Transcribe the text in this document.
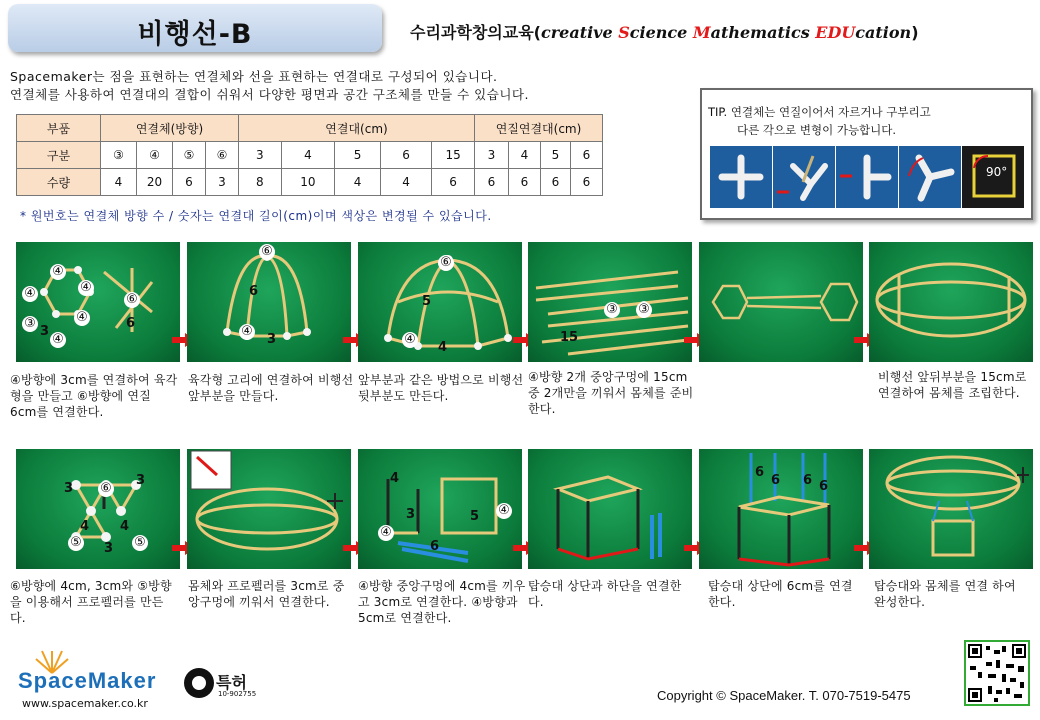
비행선-B	수리과학창의교육(creative Science Mathematics EDUcation)
Spacemaker는 점을 표현하는 연결체와 선을 표현하는 연결대로 구성되어 있습니다.
연결체를 사용하여 연결대의 결합이 쉬워서 다양한 평면과 공간 구조체를 만들 수 있습니다.
부품	연결체(방향)				연결대(cm)					연질연결대(cm)			
구분	③	④	⑤	⑥	3	4	5	6	15	3	4	5	6
수량	4	20	6	3	8	10	4	4	6	6	6	6	6
* 원번호는 연결체 방향 수 / 숫자는 연결대 길이(cm)이며 색상은 변경될 수 있습니다.
TIP. 연결체는 연질이어서 자르거나 구부리고
다른 각으로 변형이 가능합니다.
90°
④
④	④
③
3
④
④
⑥
6
⑥
6
④
3
⑥
5
④
4
③ ③
15
④방향에 3cm를 연결하여 육각형을 만들고 ⑥방향에 연질 6cm를 연결한다.
육각형 고리에 연결하여 비행선 앞부분을 만들다.
앞부분과 같은 방법으로 비행선 뒷부분도 만든다.
④방향 2개 중앙구멍에 15cm중 2개만을 끼워서 몸체를 준비한다.
비행선 앞뒤부분을 15cm로 연결하여 몸체를 조립한다.
3 ⑥
3
4 4
⑤ 3 ⑤
4
3
④
5 ④
6
6
6 6 6
⑥방향에 4cm, 3cm와 ⑤방향을 이용해서 프로펠러를 만든다.
몸체와 프로펠러를 3cm로 중앙구멍에 끼워서 연결한다.
④방향 중앙구멍에 4cm를 끼우고 3cm로 연결한다. ④방향과 5cm로 연결한다.
탑승대 상단과 하단을 연결한다.
탑승대 상단에 6cm를 연결한다.
탑승대와 몸체를 연결 하여 완성한다.
SpaceMaker
www.spacemaker.co.kr
특허
10-902755	Copyright © SpaceMaker. T. 070-7519-5475
